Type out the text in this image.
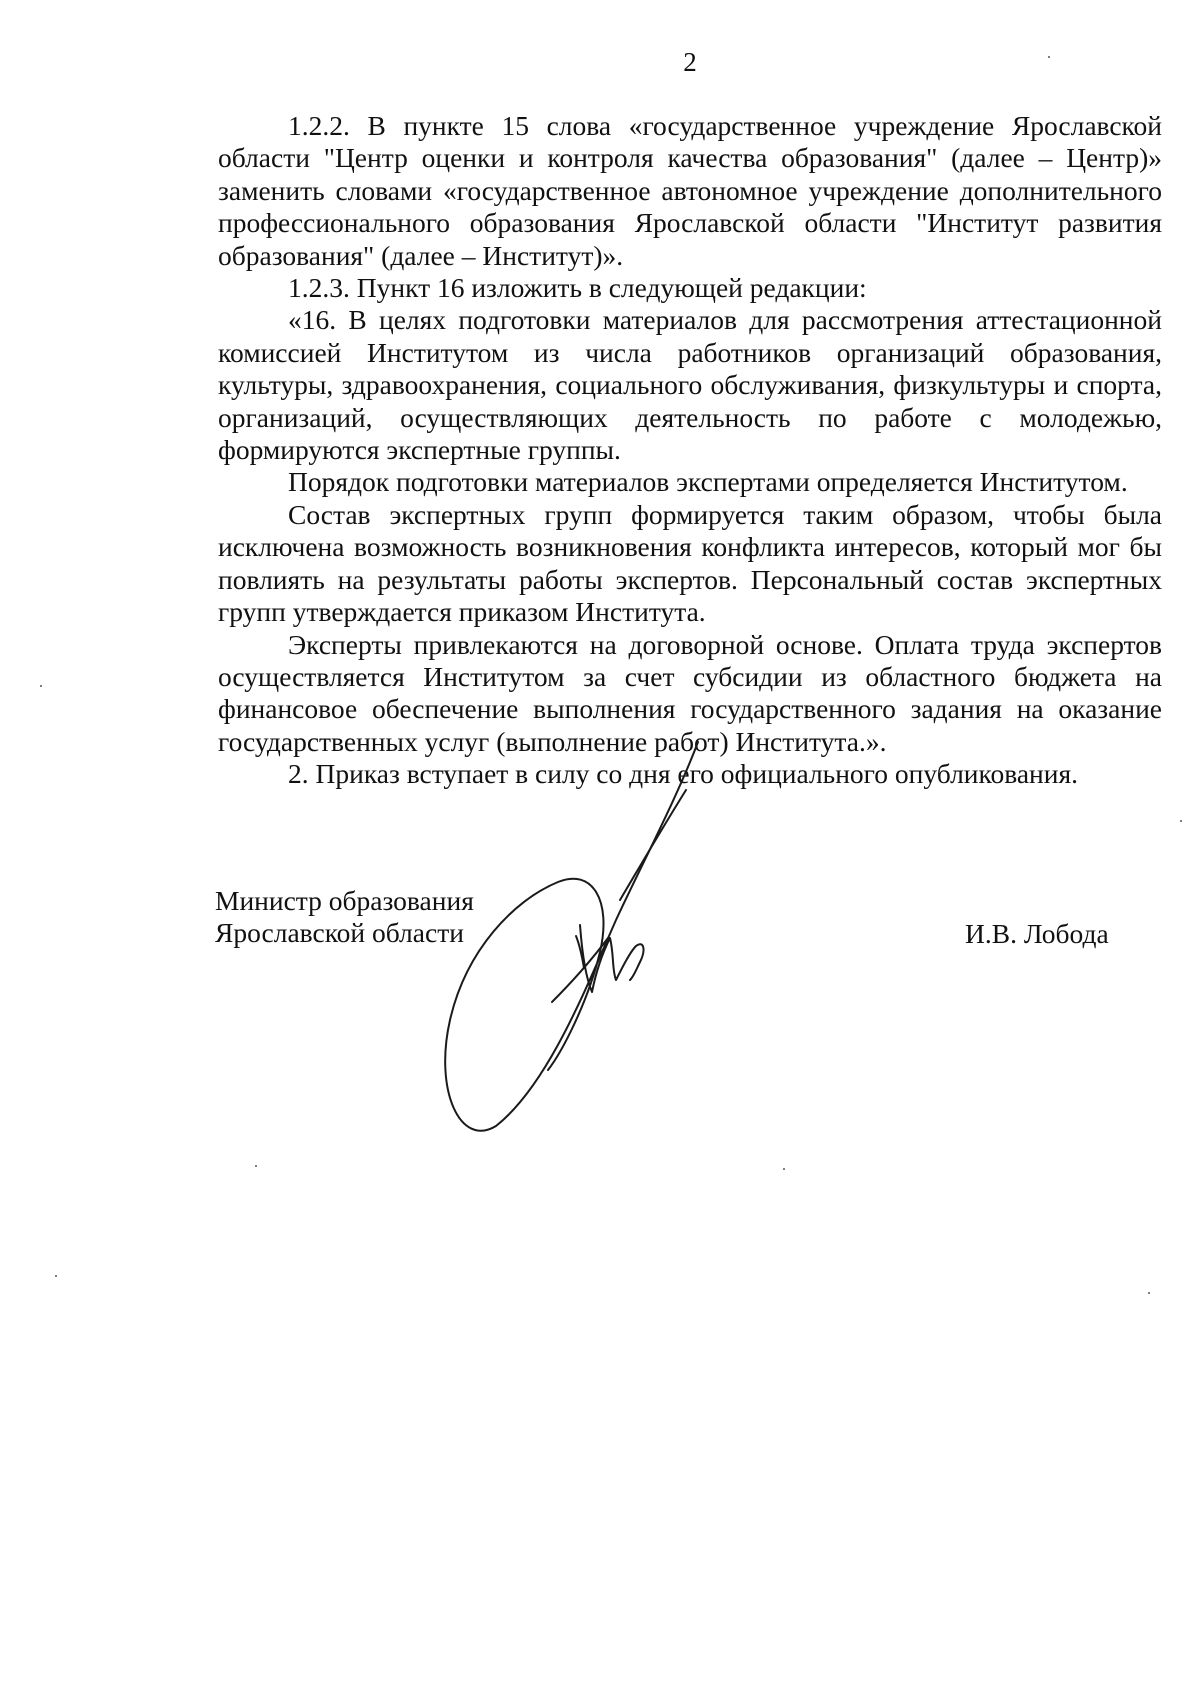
2

1.2.2. В пункте 15 слова «государственное учреждение Ярославской области "Центр оценки и контроля качества образования" (далее – Центр)» заменить словами «государственное автономное учреждение дополнительного профессионального образования Ярославской области "Институт развития образования" (далее – Институт)».

1.2.3. Пункт 16 изложить в следующей редакции:

«16. В целях подготовки материалов для рассмотрения аттестационной комиссией Институтом из числа работников организаций образования, культуры, здравоохранения, социального обслуживания, физкультуры и спорта, организаций, осуществляющих деятельность по работе с молодежью, формируются экспертные группы.

Порядок подготовки материалов экспертами определяется Институтом.

Состав экспертных групп формируется таким образом, чтобы была исключена возможность возникновения конфликта интересов, который мог бы повлиять на результаты работы экспертов. Персональный состав экспертных групп утверждается приказом Института.

Эксперты привлекаются на договорной основе. Оплата труда экспертов осуществляется Институтом за счет субсидии из областного бюджета на финансовое обеспечение выполнения государственного задания на оказание государственных услуг (выполнение работ) Института.».

2. Приказ вступает в силу со дня его официального опубликования.

Министр образования
Ярославской области	И.В. Лобода
